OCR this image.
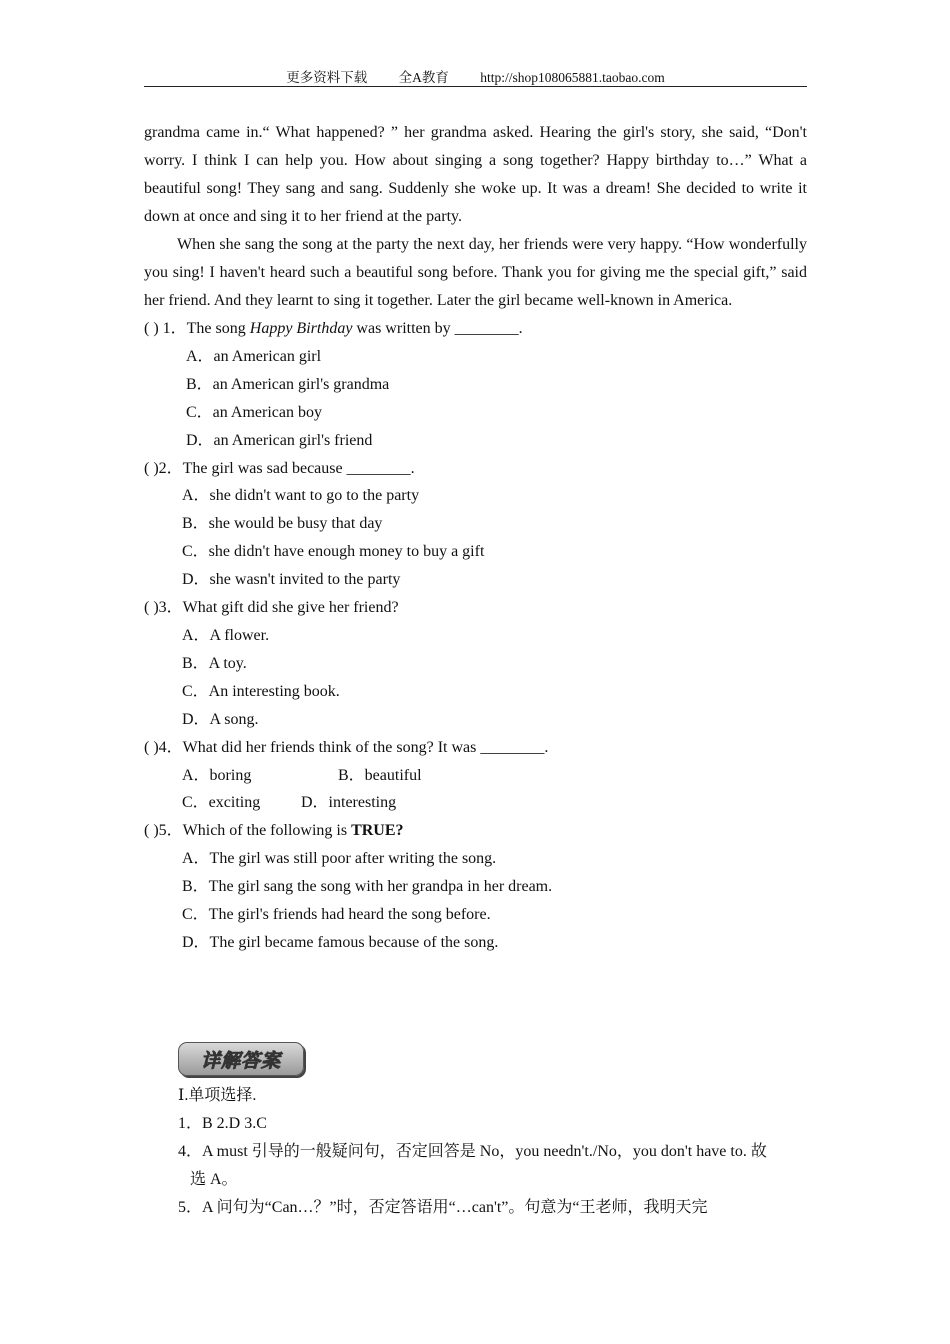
更多资料下载 全A教育 http://shop108065881.taobao.com

grandma came in.“ What happened? ” her grandma asked. Hearing the girl's story, she said, “Don't worry. I think I can help you. How about singing a song together? Happy birthday to…” What a beautiful song! They sang and sang. Suddenly she woke up. It was a dream! She decided to write it down at once and sing it to her friend at the party.

When she sang the song at the party the next day, her friends were very happy. “How wonderfully you sing! I haven't heard such a beautiful song before. Thank you for giving me the special gift,” said her friend. And they learnt to sing it together. Later the girl became well-known in America.

( ) 1．The song Happy Birthday was written by ________.

A．an American girl

B．an American girl's grandma

C．an American boy

D．an American girl's friend

( )2．The girl was sad because ________.

A．she didn't want to go to the party

B．she would be busy that day

C．she didn't have enough money to buy a gift

D．she wasn't invited to the party

( )3．What gift did she give her friend?

A．A flower.

B．A toy.

C．An interesting book.

D．A song.

( )4．What did her friends think of the song? It was ________.

A．boring	B．beautiful

C．exciting	D．interesting

( )5．Which of the following is TRUE?

A．The girl was still poor after writing the song.

B．The girl sang the song with her grandpa in her dream.

C．The girl's friends had heard the song before.

D．The girl became famous because of the song.

详解答案

Ⅰ.单项选择.

1．B 2.D 3.C

4．A must 引导的一般疑问句，否定回答是 No，you needn't./No，you don't have to. 故

选 A。

5．A 问句为“Can…？”时，否定答语用“…can't”。句意为“王老师，我明天完
